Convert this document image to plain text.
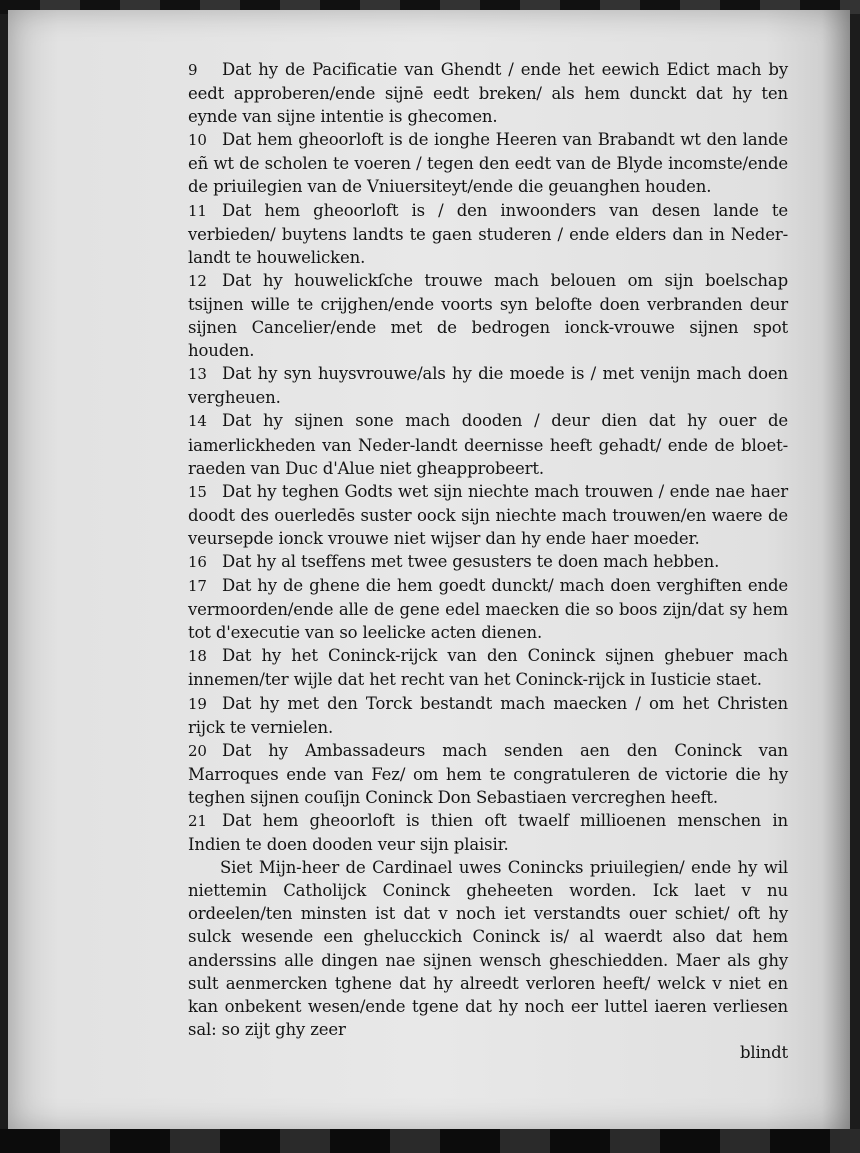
9 Dat hy de Pacificatie van Ghendt / ende het eewich Edict mach by eedt approberen/ende sijnē eedt breken/ als hem dunckt dat hy ten eynde van sijne intentie is ghecomen.

10 Dat hem gheoorloft is de ionghe Heeren van Brabandt wt den lande eñ wt de scholen te voeren / tegen den eedt van de Blyde incomste/ende de priuilegien van de Vniuersiteyt/ende die geuanghen houden.

11 Dat hem gheoorloft is / den inwoonders van desen lande te verbieden/ buytens landts te gaen studeren / ende elders dan in Neder-landt te houwelicken.

12 Dat hy houwelickſche trouwe mach belouen om sijn boelschap tsijnen wille te crijghen/ende voorts syn belofte doen verbranden deur sijnen Cancelier/ende met de bedrogen ionck-vrouwe sijnen spot houden.

13 Dat hy syn huysvrouwe/als hy die moede is / met venijn mach doen vergheuen.

14 Dat hy sijnen sone mach dooden / deur dien dat hy ouer de iamerlickheden van Neder-landt deernisse heeft gehadt/ ende de bloet-raeden van Duc d'Alue niet gheapprobeert.

15 Dat hy teghen Godts wet sijn niechte mach trouwen / ende nae haer doodt des ouerledēs suster oock sijn niechte mach trouwen/en waere de veursepde ionck vrouwe niet wijser dan hy ende haer moeder.

16 Dat hy al tseffens met twee gesusters te doen mach hebben.

17 Dat hy de ghene die hem goedt dunckt/ mach doen verghiften ende vermoorden/ende alle de gene edel maecken die so boos zijn/dat sy hem tot d'executie van so leelicke acten dienen.

18 Dat hy het Coninck-rijck van den Coninck sijnen ghebuer mach innemen/ter wijle dat het recht van het Coninck-rijck in Iusticie staet.

19 Dat hy met den Torck bestandt mach maecken / om het Christen rijck te vernielen.

20 Dat hy Ambassadeurs mach senden aen den Coninck van Marroques ende van Fez/ om hem te congratuleren de victorie die hy teghen sijnen couſijn Coninck Don Sebastiaen vercreghen heeft.

21 Dat hem gheoorloft is thien oft twaelf millioenen menschen in Indien te doen dooden veur sijn plaisir.

Siet Mijn-heer de Cardinael uwes Conincks priuilegien/ ende hy wil niettemin Catholijck Coninck gheheeten worden. Ick laet v nu ordeelen/ten minsten ist dat v noch iet verstandts ouer schiet/ oft hy sulck wesende een ghelucckich Coninck is/ al waerdt also dat hem anderssins alle dingen nae sijnen wensch gheschiedden. Maer als ghy sult aenmercken tghene dat hy alreedt verloren heeft/ welck v niet en kan onbekent wesen/ende tgene dat hy noch eer luttel iaeren verliesen sal: so zijt ghy zeer

blindt
